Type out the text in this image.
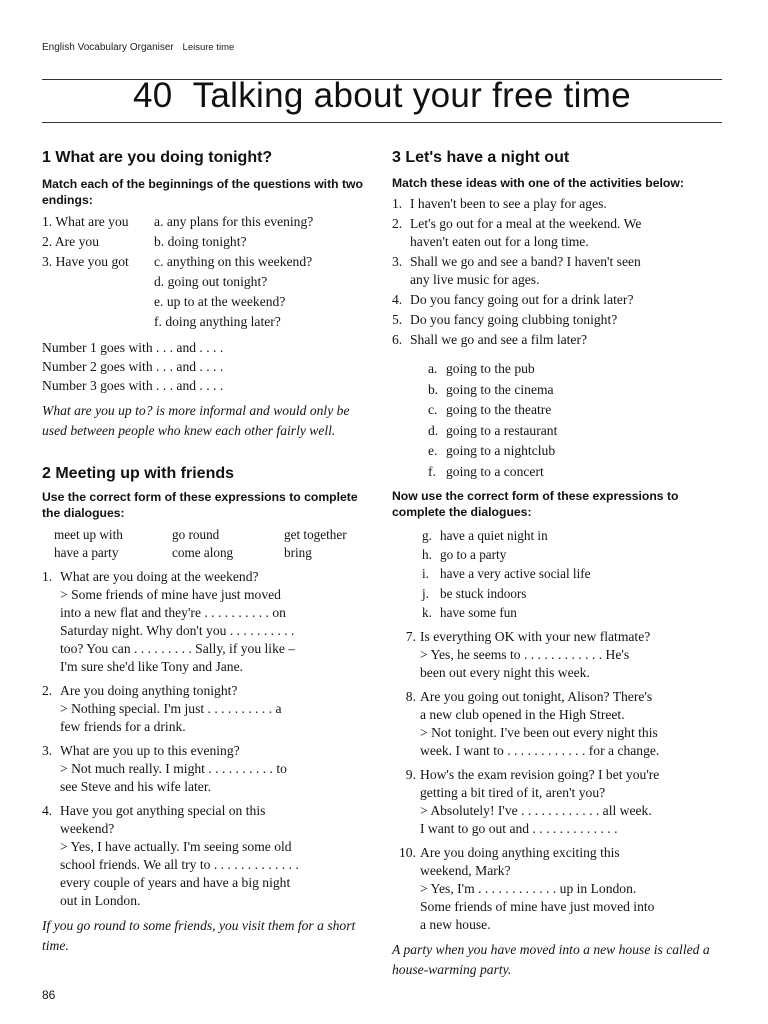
English Vocabulary Organiser Leisure time
40 Talking about your free time
1 What are you doing tonight?
Match each of the beginnings of the questions with two endings:
1. What are you	a. any plans for this evening?
2. Are you	b. doing tonight?
3. Have you got	c. anything on this weekend?
d. going out tonight?
e. up to at the weekend?
f. doing anything later?
Number 1 goes with . . . and . . . .
Number 2 goes with . . . and . . . .
Number 3 goes with . . . and . . . .
What are you up to? is more informal and would only be used between people who knew each other fairly well.
2 Meeting up with friends
Use the correct form of these expressions to complete the dialogues:
meet up with	go round	get together
have a party	come along	bring
1. What are you doing at the weekend?
> Some friends of mine have just moved
into a new flat and they're . . . . . . . . . . on
Saturday night. Why don't you . . . . . . . . . .
too? You can . . . . . . . . . Sally, if you like –
I'm sure she'd like Tony and Jane.
2. Are you doing anything tonight?
> Nothing special. I'm just . . . . . . . . . . a
few friends for a drink.
3. What are you up to this evening?
> Not much really. I might . . . . . . . . . . to
see Steve and his wife later.
4. Have you got anything special on this
weekend?
> Yes, I have actually. I'm seeing some old
school friends. We all try to . . . . . . . . . . . . .
every couple of years and have a big night
out in London.
If you go round to some friends, you visit them for a short time.
3 Let's have a night out
Match these ideas with one of the activities below:
1. I haven't been to see a play for ages.
2. Let's go out for a meal at the weekend. We
haven't eaten out for a long time.
3. Shall we go and see a band? I haven't seen
any live music for ages.
4. Do you fancy going out for a drink later?
5. Do you fancy going clubbing tonight?
6. Shall we go and see a film later?
a. going to the pub
b. going to the cinema
c. going to the theatre
d. going to a restaurant
e. going to a nightclub
f. going to a concert
Now use the correct form of these expressions to complete the dialogues:
g. have a quiet night in
h. go to a party
i. have a very active social life
j. be stuck indoors
k. have some fun
7. Is everything OK with your new flatmate?
> Yes, he seems to . . . . . . . . . . . . He's
been out every night this week.
8. Are you going out tonight, Alison? There's
a new club opened in the High Street.
> Not tonight. I've been out every night this
week. I want to . . . . . . . . . . . . for a change.
9. How's the exam revision going? I bet you're
getting a bit tired of it, aren't you?
> Absolutely! I've . . . . . . . . . . . . all week.
I want to go out and . . . . . . . . . . . . .
10. Are you doing anything exciting this
weekend, Mark?
> Yes, I'm . . . . . . . . . . . . up in London.
Some friends of mine have just moved into
a new house.
A party when you have moved into a new house is called a house-warming party.
86
